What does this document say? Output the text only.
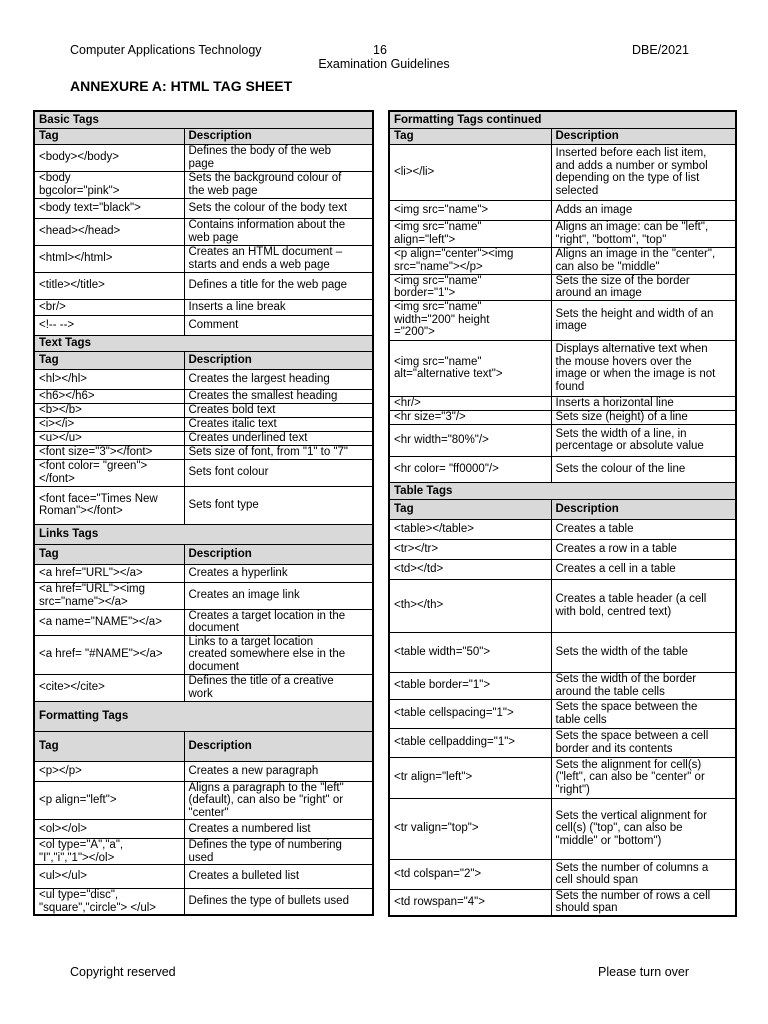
Computer Applications Technology	16	DBE/2021
Examination Guidelines
ANNEXURE A: HTML TAG SHEET
Basic Tags	
Tag	Description
<body></body>	Defines the body of the web
page
<body
bgcolor="pink">	Sets the background colour of
the web page
<body text="black">	Sets the colour of the body text
<head></head>	Contains information about the
web page
<html></html>	Creates an HTML document –
starts and ends a web page
<title></title>	Defines a title for the web page
<br/>	Inserts a line break
<!-- -->	Comment
Text Tags	
Tag	Description
<hl></hl>	Creates the largest heading
<h6></h6>	Creates the smallest heading
<b></b>	Creates bold text
<i></i>	Creates italic text
<u></u>	Creates underlined text
<font size="3"></font>	Sets size of font, from "1" to "7"
<font color= "green">
</font>	Sets font colour
<font face="Times New
Roman"></font>	Sets font type
Links Tags	
Tag	Description
<a href="URL"></a>	Creates a hyperlink
<a href="URL"><img
src="name"></a>	Creates an image link
<a name="NAME"></a>	Creates a target location in the
document
<a href= "#NAME"></a>	Links to a target location
created somewhere else in the
document
<cite></cite>	Defines the title of a creative
work
Formatting Tags	
Tag	Description
<p></p>	Creates a new paragraph
<p align="left">	Aligns a paragraph to the "left"
(default), can also be "right" or
"center"
<ol></ol>	Creates a numbered list
<ol type="A","a",
"I","i","1"></ol>	Defines the type of numbering
used
<ul></ul>	Creates a bulleted list
<ul type="disc",
"square","circle"> </ul>	Defines the type of bullets used
Formatting Tags continued	
Tag	Description
<li></li>	Inserted before each list item,
and adds a number or symbol
depending on the type of list
selected
<img src="name">	Adds an image
<img src="name"
align="left">	Aligns an image: can be "left",
"right", "bottom", "top"
<p align="center"><img
src="name"></p>	Aligns an image in the "center",
can also be "middle"
<img src="name"
border="1">	Sets the size of the border
around an image
<img src="name"
width="200" height
="200">	Sets the height and width of an
image
<img src="name"
alt="alternative text">	Displays alternative text when
the mouse hovers over the
image or when the image is not
found
<hr/>	Inserts a horizontal line
<hr size="3"/>	Sets size (height) of a line
<hr width="80%"/>	Sets the width of a line, in
percentage or absolute value
<hr color= "ff0000"/>	Sets the colour of the line
Table Tags	
Tag	Description
<table></table>	Creates a table
<tr></tr>	Creates a row in a table
<td></td>	Creates a cell in a table
<th></th>	Creates a table header (a cell
with bold, centred text)
<table width="50">	Sets the width of the table
<table border="1">	Sets the width of the border
around the table cells
<table cellspacing="1">	Sets the space between the
table cells
<table cellpadding="1">	Sets the space between a cell
border and its contents
<tr align="left">	Sets the alignment for cell(s)
("left", can also be "center" or
"right")
<tr valign="top">	Sets the vertical alignment for
cell(s) ("top", can also be
"middle" or "bottom")
<td colspan="2">	Sets the number of columns a
cell should span
<td rowspan="4">	Sets the number of rows a cell
should span
Copyright reserved	Please turn over
